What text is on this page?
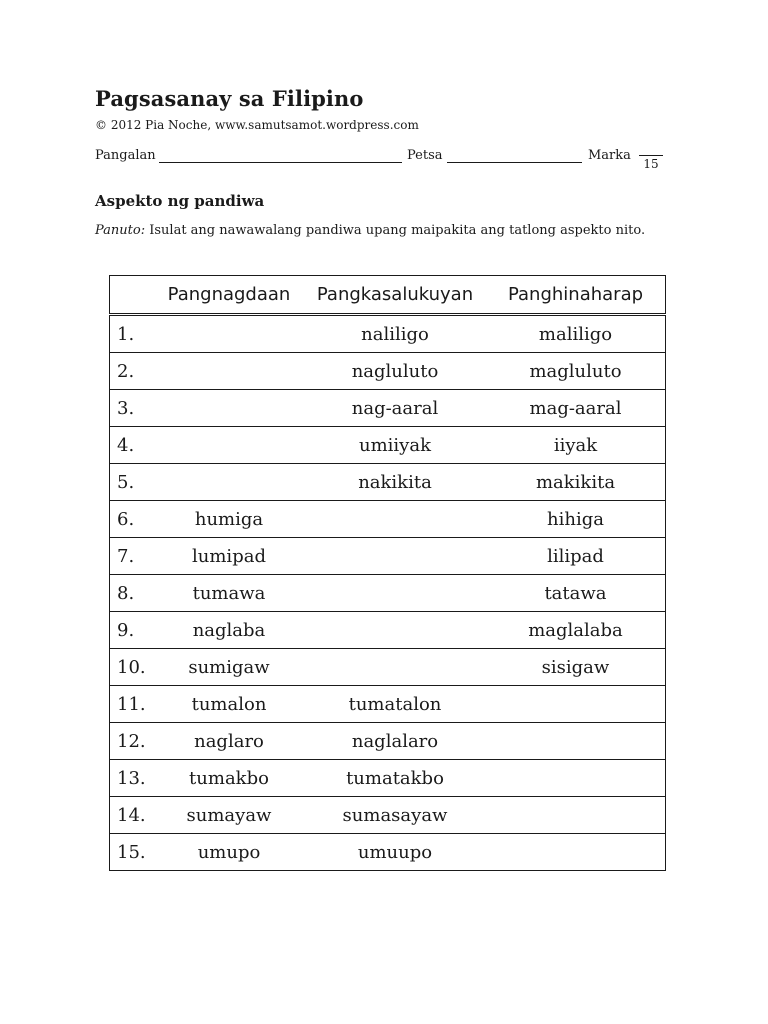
Pagsasanay sa Filipino
© 2012 Pia Noche, www.samutsamot.wordpress.com
Pangalan	Petsa	Marka
15
Aspekto ng pandiwa
Panuto: Isulat ang nawawalang pandiwa upang maipakita ang tatlong aspekto nito.
	Pangnagdaan	Pangkasalukuyan	Panghinaharap
1.		naliligo	maliligo
2.		nagluluto	magluluto
3.		nag-aaral	mag-aaral
4.		umiiyak	iiyak
5.		nakikita	makikita
6.	humiga		hihiga
7.	lumipad		lilipad
8.	tumawa		tatawa
9.	naglaba		maglalaba
10.	sumigaw		sisigaw
11.	tumalon	tumatalon	
12.	naglaro	naglalaro	
13.	tumakbo	tumatakbo	
14.	sumayaw	sumasayaw	
15.	umupo	umuupo	
